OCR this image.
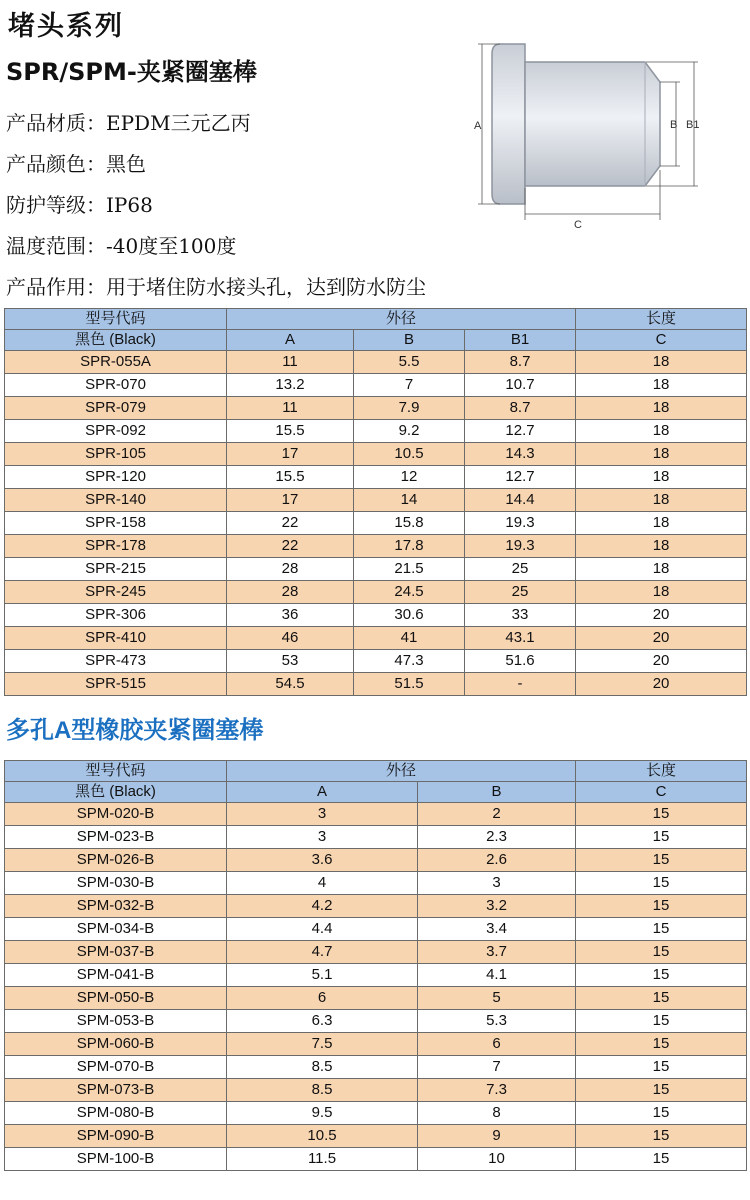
堵头系列
SPR/SPM-夹紧圈塞棒
产品材质：EPDM三元乙丙
产品颜色：黑色
防护等级：IP68
温度范围：-40度至100度
产品作用：用于堵住防水接头孔，达到防水防尘
A	B B1
C
型号代码	外径			长度
黑色 (Black)	A	B	B1	C
SPR-055A	11	5.5	8.7	18
SPR-070	13.2	7	10.7	18
SPR-079	11	7.9	8.7	18
SPR-092	15.5	9.2	12.7	18
SPR-105	17	10.5	14.3	18
SPR-120	15.5	12	12.7	18
SPR-140	17	14	14.4	18
SPR-158	22	15.8	19.3	18
SPR-178	22	17.8	19.3	18
SPR-215	28	21.5	25	18
SPR-245	28	24.5	25	18
SPR-306	36	30.6	33	20
SPR-410	46	41	43.1	20
SPR-473	53	47.3	51.6	20
SPR-515	54.5	51.5	-	20
多孔A型橡胶夹紧圈塞棒
型号代码	外径		长度
黑色 (Black)	A	B	C
SPM-020-B	3	2	15
SPM-023-B	3	2.3	15
SPM-026-B	3.6	2.6	15
SPM-030-B	4	3	15
SPM-032-B	4.2	3.2	15
SPM-034-B	4.4	3.4	15
SPM-037-B	4.7	3.7	15
SPM-041-B	5.1	4.1	15
SPM-050-B	6	5	15
SPM-053-B	6.3	5.3	15
SPM-060-B	7.5	6	15
SPM-070-B	8.5	7	15
SPM-073-B	8.5	7.3	15
SPM-080-B	9.5	8	15
SPM-090-B	10.5	9	15
SPM-100-B	11.5	10	15
